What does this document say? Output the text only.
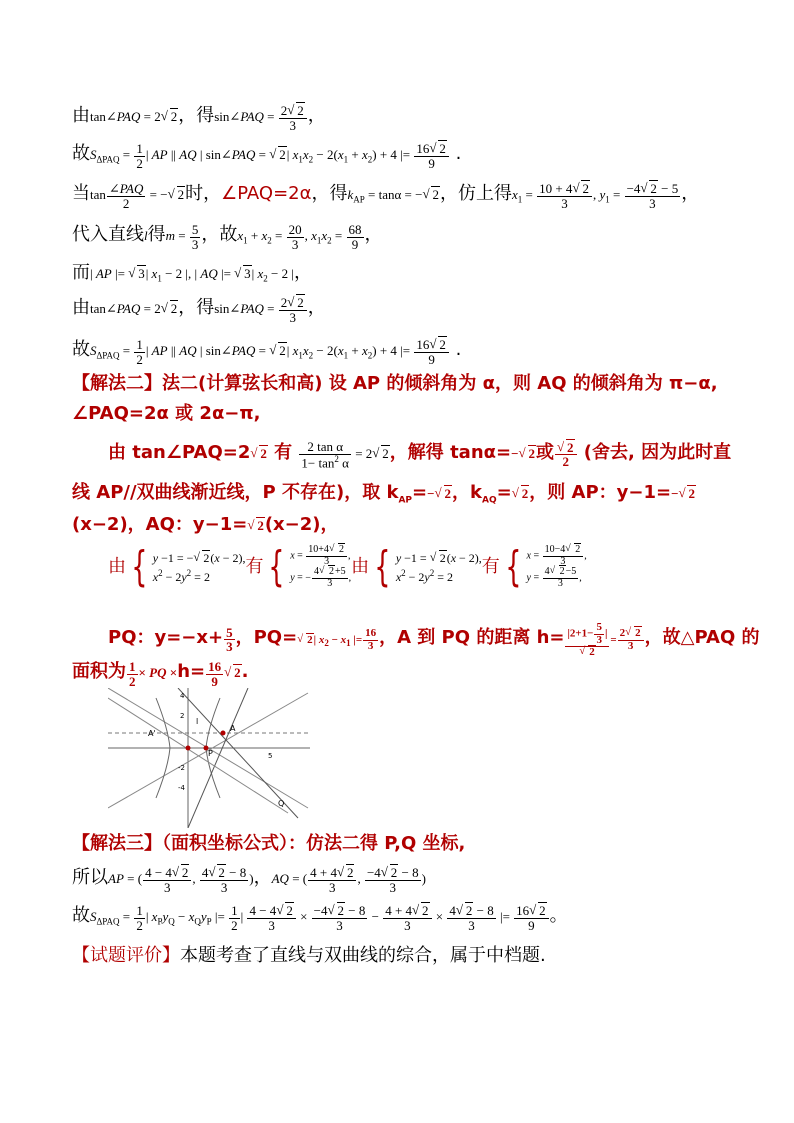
由tan∠PAQ = 2√ 2，得sin∠PAQ = $\frac{2√ 2}{3}$ ，
故$S_{\Delta PAQ} = \frac{1}{2}$ | AP || AQ | sin∠PAQ = √ 2| $x_1x_2 - 2(x_1 + x_2) + 4$ |= $\frac{16√ 2}{9}$ .
当$\tan \frac{\text{∠PAQ}}{2}$ = −√ 2时，∠PAQ=2α，得$k_{AP} = \tan\alpha$ = −√ 2，仿上得$x_1 = \frac{10 + 4√ 2}{3}$ , $y_1 = \frac{-4√ 2 - 5}{3}$ ，
代入直线l得$m = \frac{5}{3}$ ，故$x_1 + x_2 = \frac{20}{3}$ , $x_1x_2 = \frac{68}{9}$ ，
而| AP |= √ 3| $x_1 - 2$ |, | AQ |= √ 3| $x_2 - 2$ |，
由tan∠PAQ = 2√ 2，得sin∠PAQ = $\frac{2√ 2}{3}$ ，
故$S_{\Delta PAQ} = \frac{1}{2}$ | AP || AQ | sin∠PAQ = √ 2| $x_1x_2 - 2(x_1 + x_2) + 4$ |= $\frac{16√ 2}{9}$ .
【解法二】法二(计算弦长和高) 设 AP 的倾斜角为 α，则 AQ 的倾斜角为 π−α,
∠PAQ=2α 或 2α−π,
由 tan∠PAQ=2√ 2 有 $\frac{\text{2 tan α}}{1- \tan^2 \alpha} = 2√$ 2，解得 tanα=−√ 2或
√ $\frac{2}{2}$ (舍去, 因为此时直
线 AP//双曲线渐近线，P 不存在)，取 $k_{AP}=-√$ 2，$k_{AQ}=√$ 2，则 AP：y−1=−√ 2
(x−2)，AQ：y−1=√ 2(x−2)，
由 { y −1 = −√ 2(x − 2),
$x^2 - 2y^2 = 2$ 有 { $x = \frac{10+4√ 2}{3}$ ,
y = − $\frac{4√ 2+5}{3}$ ,由 { y −1 = √ 2(x − 2),
$x^2 - 2y^2 = 2$ 有 { $x = \frac{10-4√ 2}{3}$ ,
$y = \frac{4√ 2-5}{3}$ ,
PQ：$y=-x+ \frac{5}{3}$ ，PQ=√ 2| $x_2 - x_1$ |= $\frac{16}{3}$ ，A 到 PQ 的距离 $h= |2+1- \frac{5}{3}$ |
√ $2 = \frac{2√ 2}{3}$ ，故△PAQ 的
面积为 $\frac{1}{2}$ × PQ $\times h= \frac{16}{9}$
√ 2.
A
P
Q
A'
l
5
2
4
-2
-4
【解法三】（面积坐标公式）：仿法二得 P,Q 坐标,
所以AP = ( $\frac{4 - 4√ 2}{3}$ , $\frac{4√ 2 - 8}{3}$ )，AQ = ( $\frac{4 + 4√ 2}{3}$ , $\frac{-4√ 2 - 8}{3}$ )
故$S_{\Delta PAQ} = \frac{1}{2}$ | $x_Py_Q - x_Qy_P$ |= $\frac{1}{2}$ | $\frac{4 - 4√ 2}{3} \times \frac{-4√ 2 - 8}{3} - \frac{4 + 4√ 2}{3} \times \frac{4√ 2 - 8}{3}$ |= $\frac{16√ 2}{9}$ 。
【试题评价】本题考查了直线与双曲线的综合，属于中档题.
